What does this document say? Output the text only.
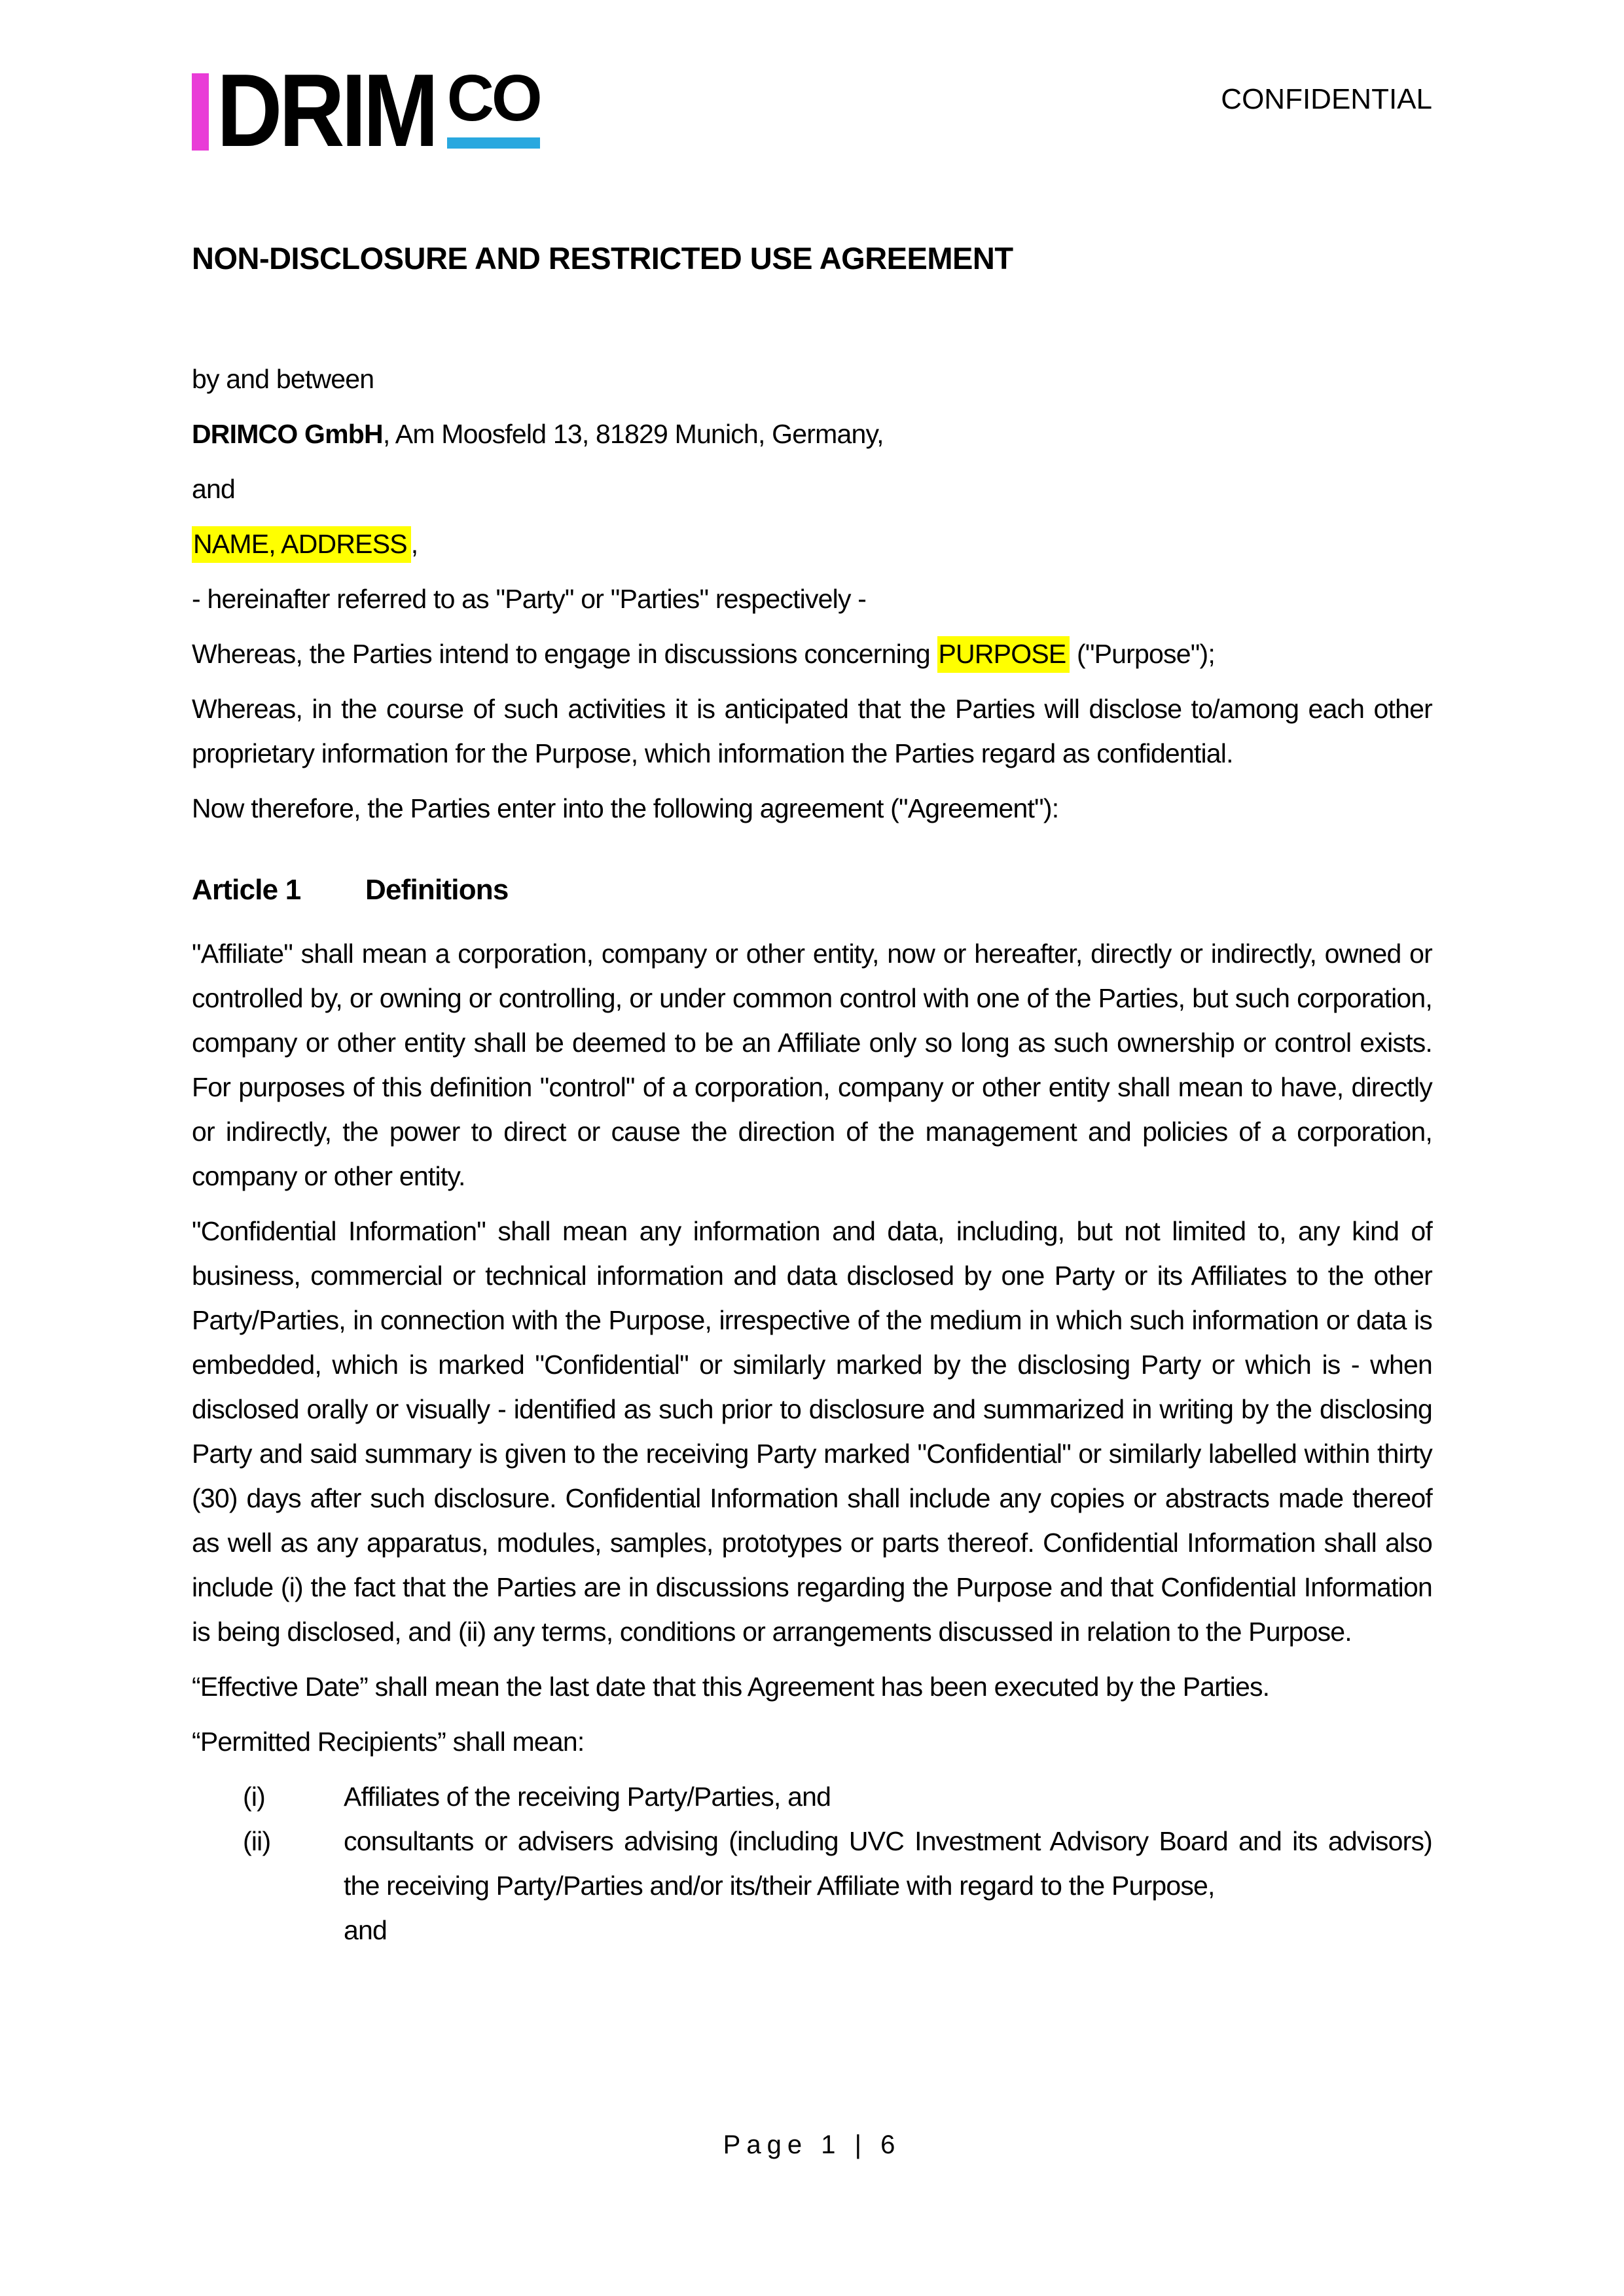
DRIM CO	CONFIDENTIAL
NON-DISCLOSURE AND RESTRICTED USE AGREEMENT

by and between

DRIMCO GmbH, Am Moosfeld 13, 81829 Munich, Germany,

and

NAME, ADDRESS ,

- hereinafter referred to as "Party" or "Parties" respectively -

Whereas, the Parties intend to engage in discussions concerning PURPOSE ("Purpose");

Whereas, in the course of such activities it is anticipated that the Parties will disclose to/among each other proprietary information for the Purpose, which information the Parties regard as confidential.

Now therefore, the Parties enter into the following agreement ("Agreement"):

Article 1	Definitions

"Affiliate" shall mean a corporation, company or other entity, now or hereafter, directly or indirectly, owned or controlled by, or owning or controlling, or under common control with one of the Parties, but such corporation, company or other entity shall be deemed to be an Affiliate only so long as such ownership or control exists. For purposes of this definition "control" of a corporation, company or other entity shall mean to have, directly or indirectly, the power to direct or cause the direction of the management and policies of a corporation, company or other entity.

"Confidential Information" shall mean any information and data, including, but not limited to, any kind of business, commercial or technical information and data disclosed by one Party or its Affiliates to the other Party/Parties, in connection with the Purpose, irrespective of the medium in which such information or data is embedded, which is marked "Confidential" or similarly marked by the disclosing Party or which is - when disclosed orally or visually - identified as such prior to disclosure and summarized in writing by the disclosing Party and said summary is given to the receiving Party marked "Confidential" or similarly labelled within thirty (30) days after such disclosure. Confidential Information shall include any copies or abstracts made thereof as well as any apparatus, modules, samples, prototypes or parts thereof. Confidential Information shall also include (i) the fact that the Parties are in discussions regarding the Purpose and that Confidential Information is being disclosed, and (ii) any terms, conditions or arrangements discussed in relation to the Purpose.

“Effective Date” shall mean the last date that this Agreement has been executed by the Parties.

“Permitted Recipients” shall mean:

(i)	Affiliates of the receiving Party/Parties, and
(ii)	consultants or advisers advising (including UVC Investment Advisory Board and its advisors) the receiving Party/Parties and/or its/their Affiliate with regard to the Purpose,
and
Page 1 | 6
